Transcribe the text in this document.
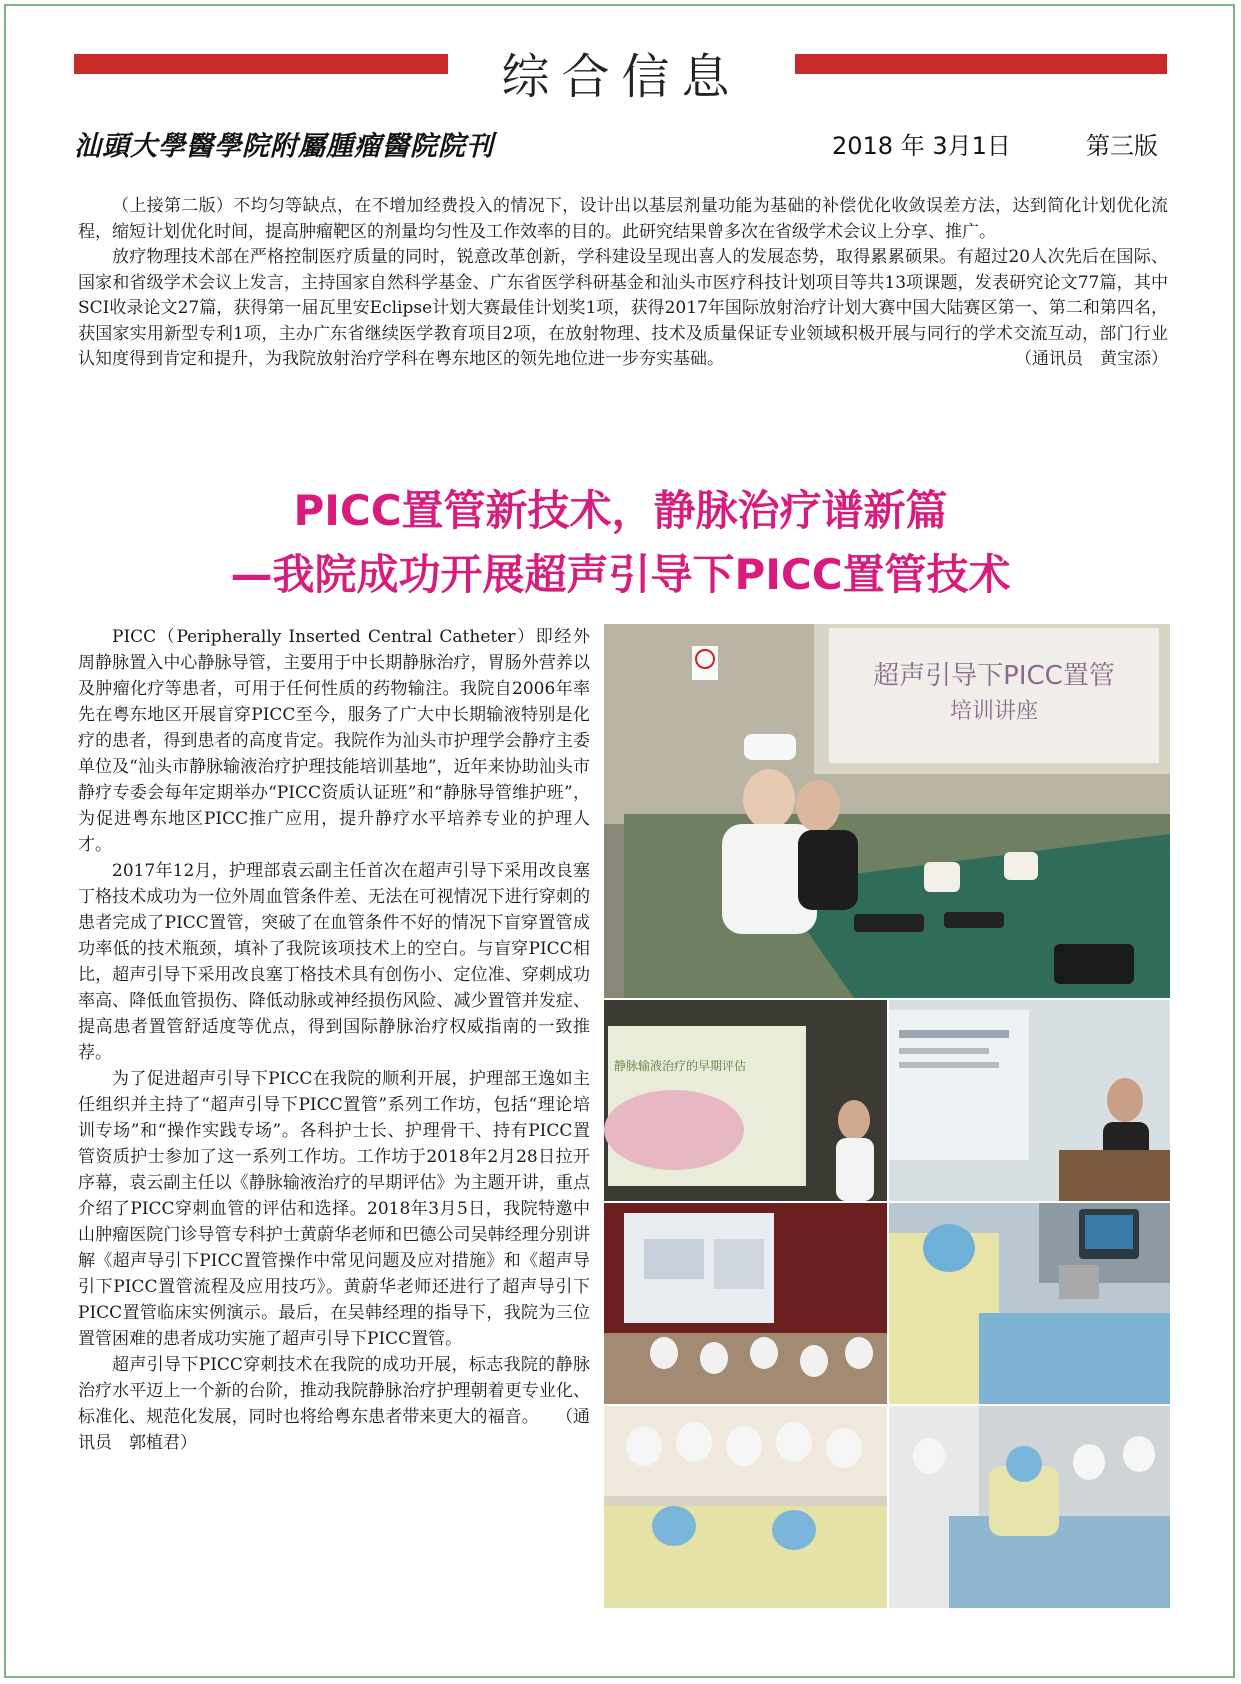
综合信息
汕頭大學醫學院附屬腫瘤醫院院刊	2018 年 3月1日	第三版

（上接第二版）不均匀等缺点，在不增加经费投入的情况下，设计出以基层剂量功能为基础的补偿优化收敛误差方法，达到简化计划优化流程，缩短计划优化时间，提高肿瘤靶区的剂量均匀性及工作效率的目的。此研究结果曾多次在省级学术会议上分享、推广。

放疗物理技术部在严格控制医疗质量的同时，锐意改革创新，学科建设呈现出喜人的发展态势，取得累累硕果。有超过20人次先后在国际、国家和省级学术会议上发言，主持国家自然科学基金、广东省医学科研基金和汕头市医疗科技计划项目等共13项课题，发表研究论文77篇，其中SCI收录论文27篇，获得第一届瓦里安Eclipse计划大赛最佳计划奖1项，获得2017年国际放射治疗计划大赛中国大陆赛区第一、第二和第四名，获国家实用新型专利1项，主办广东省继续医学教育项目2项，在放射物理、技术及质量保证专业领域积极开展与同行的学术交流互动，部门行业认知度得到肯定和提升，为我院放射治疗学科在粤东地区的领先地位进一步夯实基础。	（通讯员　黄宝添）

PICC置管新技术，静脉治疗谱新篇
—我院成功开展超声引导下PICC置管技术

PICC（Peripherally Inserted Central Catheter）即经外周静脉置入中心静脉导管，主要用于中长期静脉治疗，胃肠外营养以及肿瘤化疗等患者，可用于任何性质的药物输注。我院自2006年率先在粤东地区开展盲穿PICC至今，服务了广大中长期输液特别是化疗的患者，得到患者的高度肯定。我院作为汕头市护理学会静疗主委单位及“汕头市静脉输液治疗护理技能培训基地”，近年来协助汕头市静疗专委会每年定期举办“PICC资质认证班”和“静脉导管维护班”，为促进粤东地区PICC推广应用，提升静疗水平培养专业的护理人才。

2017年12月，护理部袁云副主任首次在超声引导下采用改良塞丁格技术成功为一位外周血管条件差、无法在可视情况下进行穿刺的患者完成了PICC置管，突破了在血管条件不好的情况下盲穿置管成功率低的技术瓶颈，填补了我院该项技术上的空白。与盲穿PICC相比，超声引导下采用改良塞丁格技术具有创伤小、定位准、穿刺成功率高、降低血管损伤、降低动脉或神经损伤风险、减少置管并发症、提高患者置管舒适度等优点，得到国际静脉治疗权威指南的一致推荐。

为了促进超声引导下PICC在我院的顺利开展，护理部王逸如主任组织并主持了“超声引导下PICC置管”系列工作坊，包括“理论培训专场”和“操作实践专场”。各科护士长、护理骨干、持有PICC置管资质护士参加了这一系列工作坊。工作坊于2018年2月28日拉开序幕，袁云副主任以《静脉输液治疗的早期评估》为主题开讲，重点介绍了PICC穿刺血管的评估和选择。2018年3月5日，我院特邀中山肿瘤医院门诊导管专科护士黄蔚华老师和巴德公司吴韩经理分别讲解《超声导引下PICC置管操作中常见问题及应对措施》和《超声导引下PICC置管流程及应用技巧》。黄蔚华老师还进行了超声导引下PICC置管临床实例演示。最后，在吴韩经理的指导下，我院为三位置管困难的患者成功实施了超声引导下PICC置管。

超声引导下PICC穿刺技术在我院的成功开展，标志我院的静脉治疗水平迈上一个新的台阶，推动我院静脉治疗护理朝着更专业化、标准化、规范化发展，同时也将给粤东患者带来更大的福音。　　 （通讯员　郭植君）

超声引导下PICC置管
培训讲座
静脉输液治疗的早期评估
